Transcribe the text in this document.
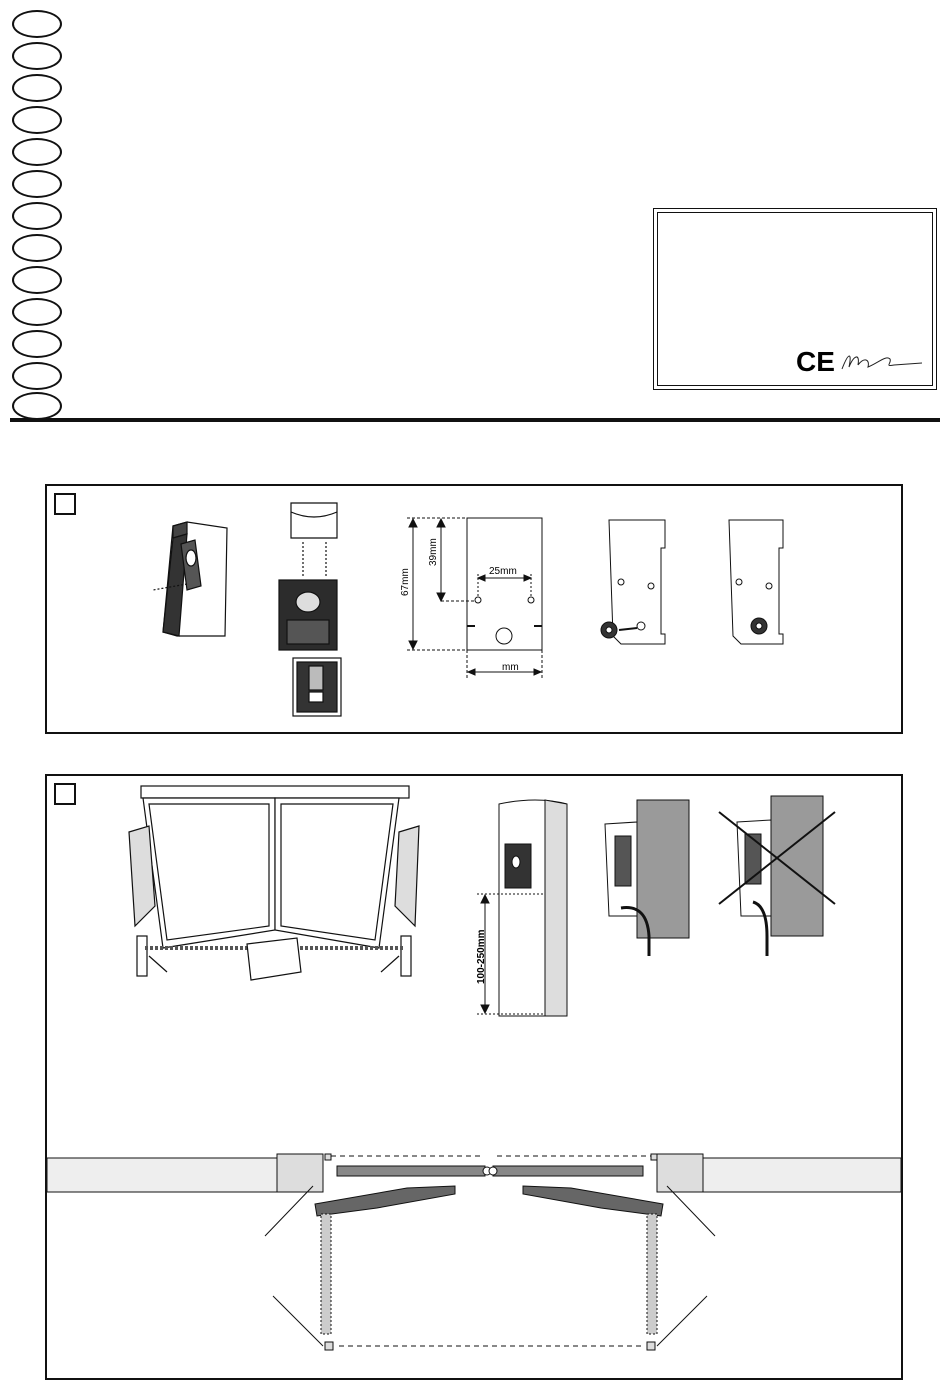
CE
67mm
39mm
25mm
mm
100-250mm
